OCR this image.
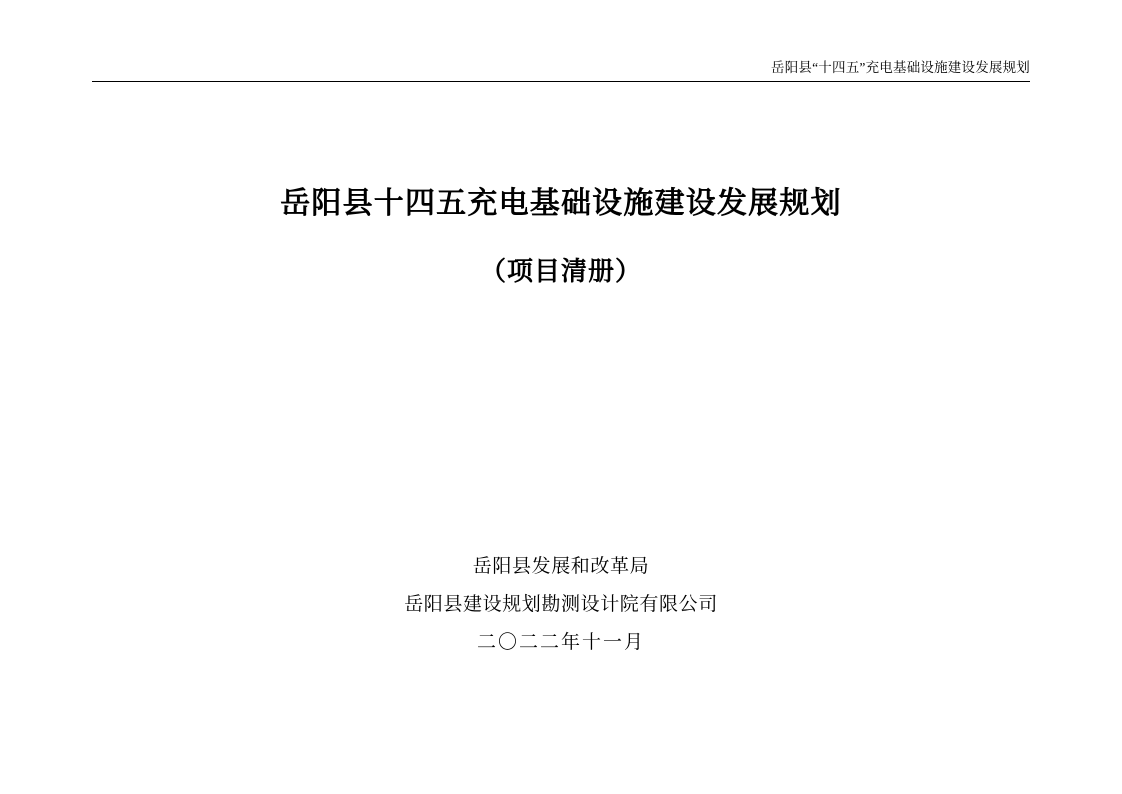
岳阳县“十四五”充电基础设施建设发展规划
岳阳县十四五充电基础设施建设发展规划
（项目清册）
岳阳县发展和改革局
岳阳县建设规划勘测设计院有限公司
二〇二二年十一月
